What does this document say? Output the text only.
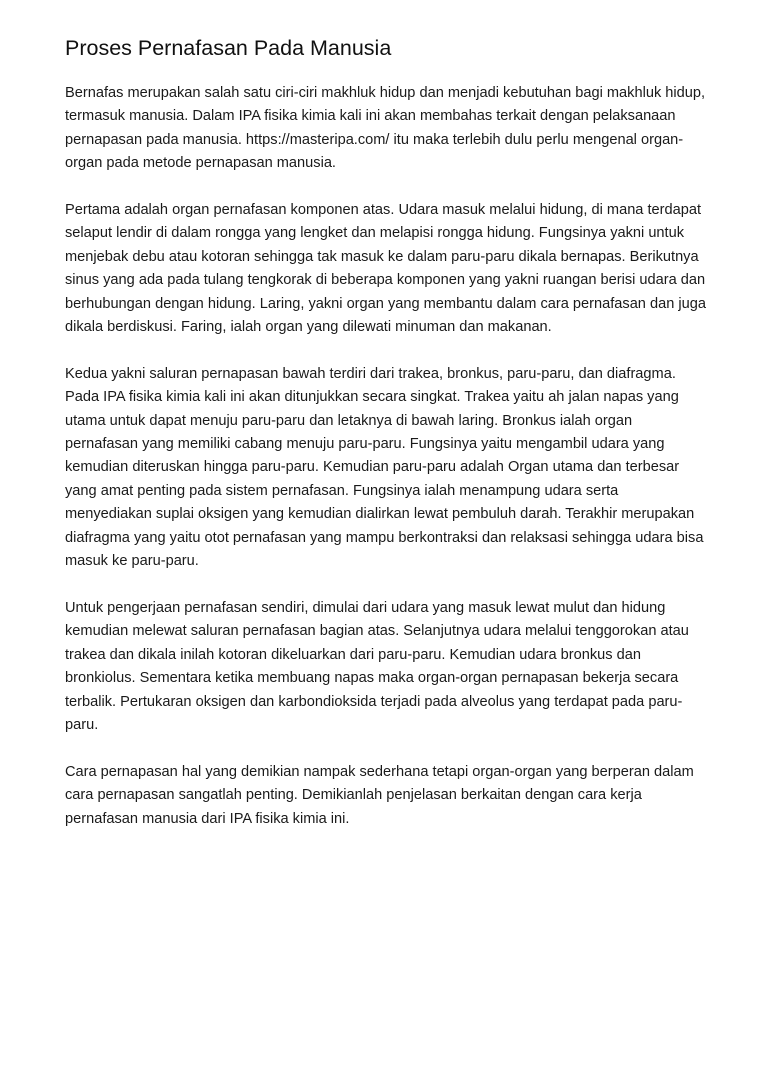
Proses Pernafasan Pada Manusia

Bernafas merupakan salah satu ciri-ciri makhluk hidup dan menjadi kebutuhan bagi makhluk hidup, termasuk manusia. Dalam IPA fisika kimia kali ini akan membahas terkait dengan pelaksanaan pernapasan pada manusia. https://masteripa.com/ itu maka terlebih dulu perlu mengenal organ-organ pada metode pernapasan manusia.

Pertama adalah organ pernafasan komponen atas. Udara masuk melalui hidung, di mana terdapat selaput lendir di dalam rongga yang lengket dan melapisi rongga hidung. Fungsinya yakni untuk menjebak debu atau kotoran sehingga tak masuk ke dalam paru-paru dikala bernapas. Berikutnya sinus yang ada pada tulang tengkorak di beberapa komponen yang yakni ruangan berisi udara dan berhubungan dengan hidung. Laring, yakni organ yang membantu dalam cara pernafasan dan juga dikala berdiskusi. Faring, ialah organ yang dilewati minuman dan makanan.

Kedua yakni saluran pernapasan bawah terdiri dari trakea, bronkus, paru-paru, dan diafragma. Pada IPA fisika kimia kali ini akan ditunjukkan secara singkat. Trakea yaitu ah jalan napas yang utama untuk dapat menuju paru-paru dan letaknya di bawah laring. Bronkus ialah organ pernafasan yang memiliki cabang menuju paru-paru. Fungsinya yaitu mengambil udara yang kemudian diteruskan hingga paru-paru. Kemudian paru-paru adalah Organ utama dan terbesar yang amat penting pada sistem pernafasan. Fungsinya ialah menampung udara serta menyediakan suplai oksigen yang kemudian dialirkan lewat pembuluh darah. Terakhir merupakan diafragma yang yaitu otot pernafasan yang mampu berkontraksi dan relaksasi sehingga udara bisa masuk ke paru-paru.

Untuk pengerjaan pernafasan sendiri, dimulai dari udara yang masuk lewat mulut dan hidung kemudian melewat saluran pernafasan bagian atas. Selanjutnya udara melalui tenggorokan atau trakea dan dikala inilah kotoran dikeluarkan dari paru-paru. Kemudian udara bronkus dan bronkiolus. Sementara ketika membuang napas maka organ-organ pernapasan bekerja secara terbalik. Pertukaran oksigen dan karbondioksida terjadi pada alveolus yang terdapat pada paru-paru.

Cara pernapasan hal yang demikian nampak sederhana tetapi organ-organ yang berperan dalam cara pernapasan sangatlah penting. Demikianlah penjelasan berkaitan dengan cara kerja pernafasan manusia dari IPA fisika kimia ini.
